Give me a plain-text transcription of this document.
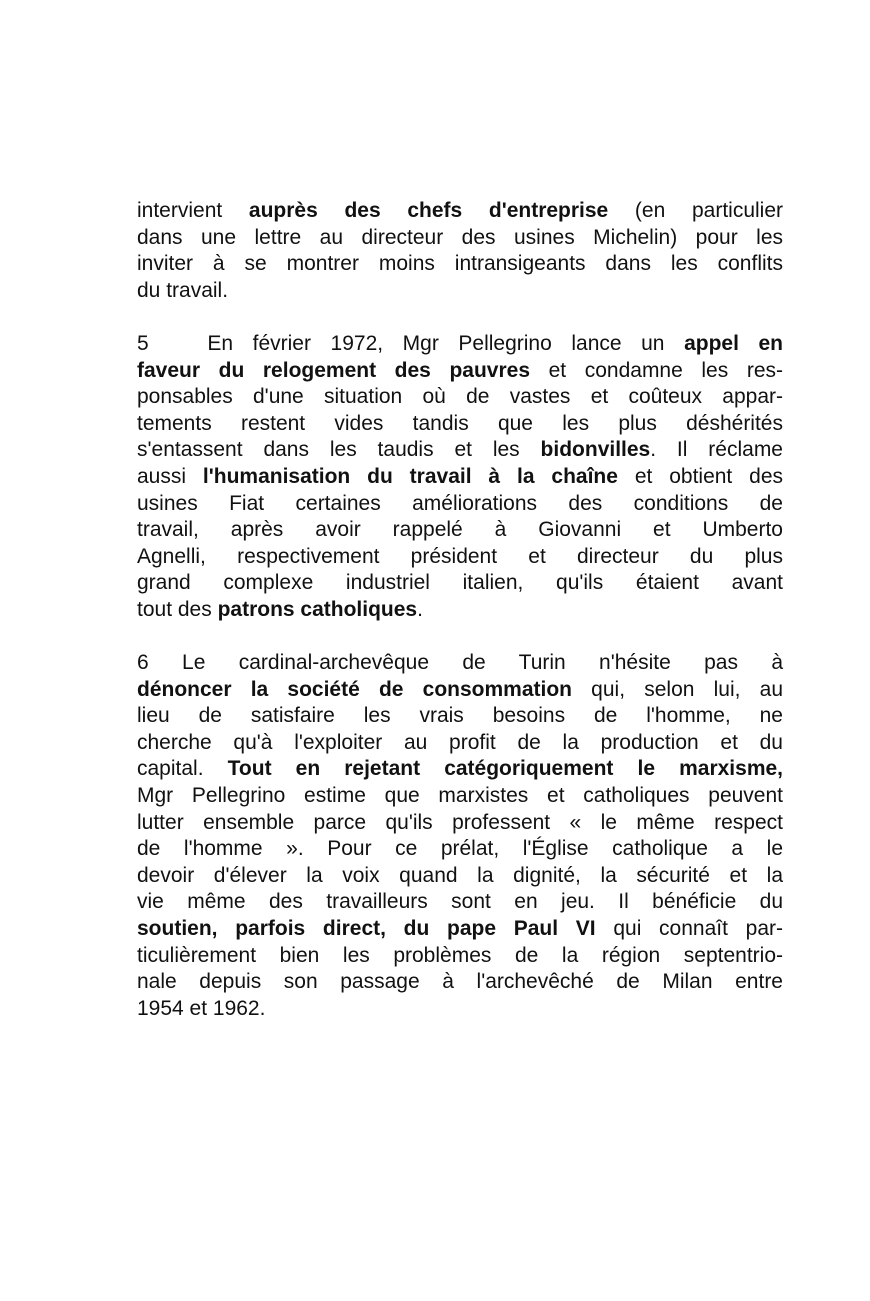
intervient auprès des chefs d'entreprise (en particulier
dans une lettre au directeur des usines Michelin) pour les
inviter à se montrer moins intransigeants dans les conflits
du travail.
5   En février 1972, Mgr Pellegrino lance un appel en
faveur du relogement des pauvres et condamne les res-
ponsables d'une situation où de vastes et coûteux appar-
tements restent vides tandis que les plus déshérités
s'entassent dans les taudis et les bidonvilles. Il réclame
aussi l'humanisation du travail à la chaîne et obtient des
usines Fiat certaines améliorations des conditions de
travail, après avoir rappelé à Giovanni et Umberto
Agnelli, respectivement président et directeur du plus
grand complexe industriel italien, qu'ils étaient avant
tout des patrons catholiques.
6 Le cardinal-archevêque de Turin n'hésite pas à
dénoncer la société de consommation qui, selon lui, au
lieu de satisfaire les vrais besoins de l'homme, ne
cherche qu'à l'exploiter au profit de la production et du
capital. Tout en rejetant catégoriquement le marxisme,
Mgr Pellegrino estime que marxistes et catholiques peuvent
lutter ensemble parce qu'ils professent « le même respect
de l'homme ». Pour ce prélat, l'Église catholique a le
devoir d'élever la voix quand la dignité, la sécurité et la
vie même des travailleurs sont en jeu. Il bénéficie du
soutien, parfois direct, du pape Paul VI qui connaît par-
ticulièrement bien les problèmes de la région septentrio-
nale depuis son passage à l'archevêché de Milan entre
1954 et 1962.
